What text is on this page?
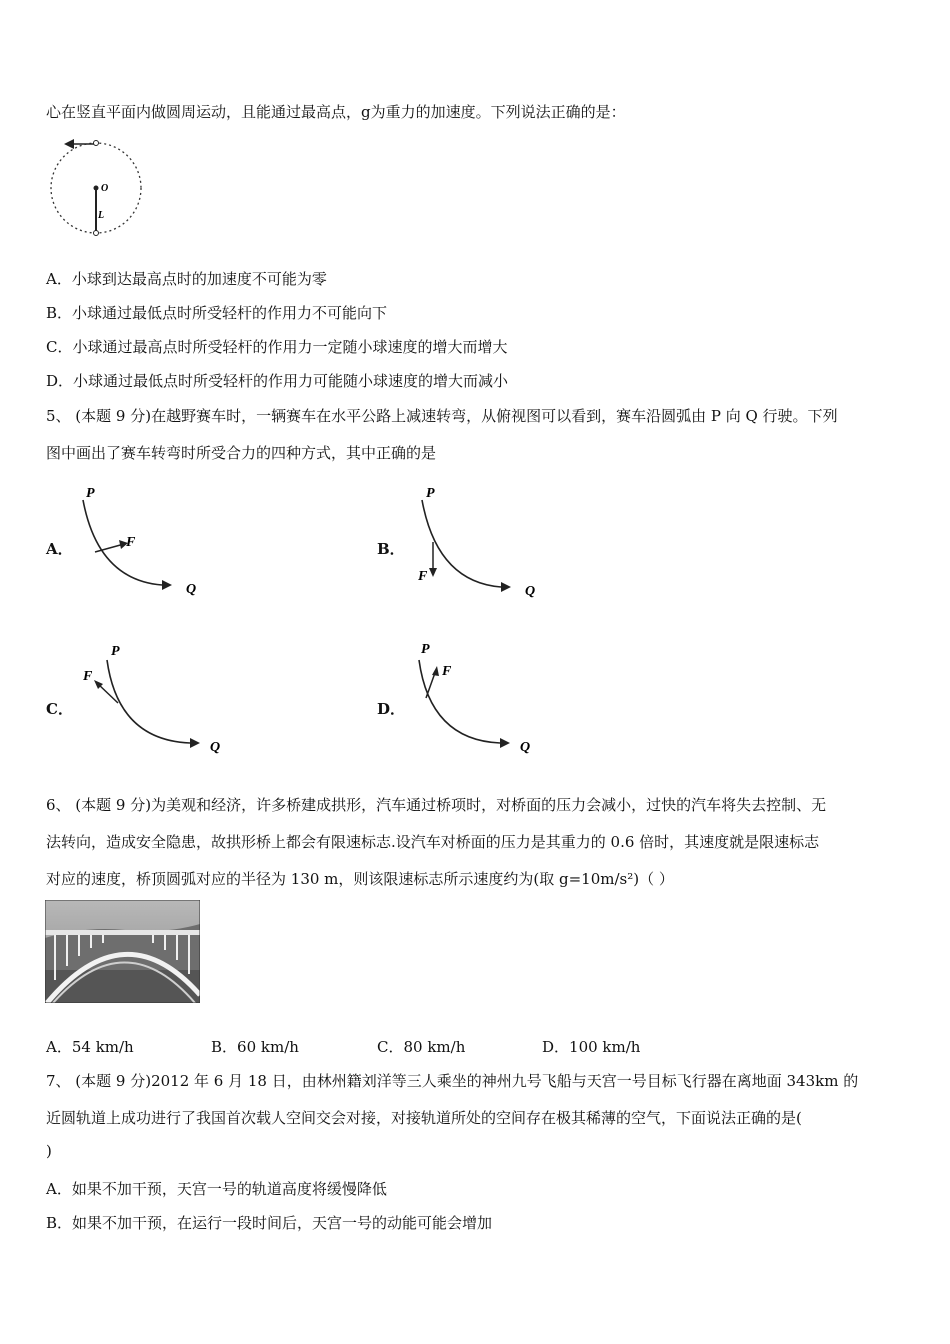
心在竖直平面内做圆周运动，且能通过最高点，g为重力的加速度。下列说法正确的是：
O
L
A．小球到达最高点时的加速度不可能为零
B．小球通过最低点时所受轻杆的作用力不可能向下
C．小球通过最高点时所受轻杆的作用力一定随小球速度的增大而增大
D．小球通过最低点时所受轻杆的作用力可能随小球速度的增大而减小
5、 (本题 9 分)在越野赛车时，一辆赛车在水平公路上减速转弯，从俯视图可以看到，赛车沿圆弧由 P 向 Q 行驶。下列
图中画出了赛车转弯时所受合力的四种方式，其中正确的是
A．
P
F
Q
B．
P
F
Q
C．
P
F
Q
D．
P
F
Q
6、 (本题 9 分)为美观和经济，许多桥建成拱形，汽车通过桥项时，对桥面的压力会减小，过快的汽车将失去控制、无
法转向，造成安全隐患，故拱形桥上都会有限速标志.设汽车对桥面的压力是其重力的 0.6 倍时，其速度就是限速标志
对应的速度，桥顶圆弧对应的半径为 130 m，则该限速标志所示速度约为(取 g=10m/s²)（ ）
A．54 km/h	B．60 km/h	C．80 km/h	D．100 km/h
7、 (本题 9 分)2012 年 6 月 18 日，由林州籍刘洋等三人乘坐的神州九号飞船与天宫一号目标飞行器在离地面 343km 的
近圆轨道上成功进行了我国首次载人空间交会对接，对接轨道所处的空间存在极其稀薄的空气，下面说法正确的是(
)
A．如果不加干预，天宫一号的轨道高度将缓慢降低
B．如果不加干预，在运行一段时间后，天宫一号的动能可能会增加
